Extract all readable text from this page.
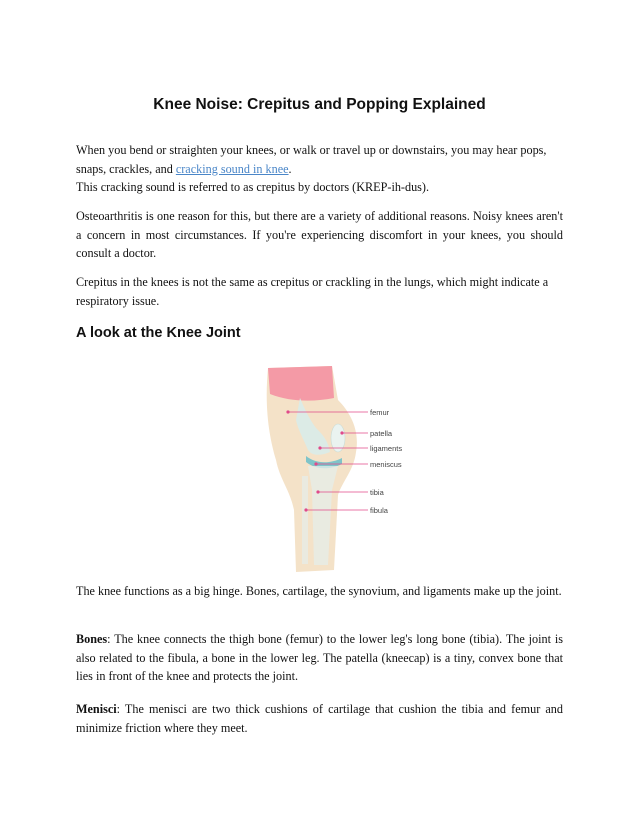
Knee Noise: Crepitus and Popping Explained

When you bend or straighten your knees, or walk or travel up or downstairs, you may hear pops, snaps, crackles, and cracking sound in knee.
This cracking sound is referred to as crepitus by doctors (KREP-ih-dus).

Osteoarthritis is one reason for this, but there are a variety of additional reasons. Noisy knees aren't a concern in most circumstances. If you're experiencing discomfort in your knees, you should consult a doctor.

Crepitus in the knees is not the same as crepitus or crackling in the lungs, which might indicate a respiratory issue.

A look at the Knee Joint
femur
patella
ligaments
meniscus
tibia
fibula

The knee functions as a big hinge. Bones, cartilage, the synovium, and ligaments make up the joint.

Bones: The knee connects the thigh bone (femur) to the lower leg's long bone (tibia). The joint is also related to the fibula, a bone in the lower leg. The patella (kneecap) is a tiny, convex bone that lies in front of the knee and protects the joint.

Menisci: The menisci are two thick cushions of cartilage that cushion the tibia and femur and minimize friction where they meet.
